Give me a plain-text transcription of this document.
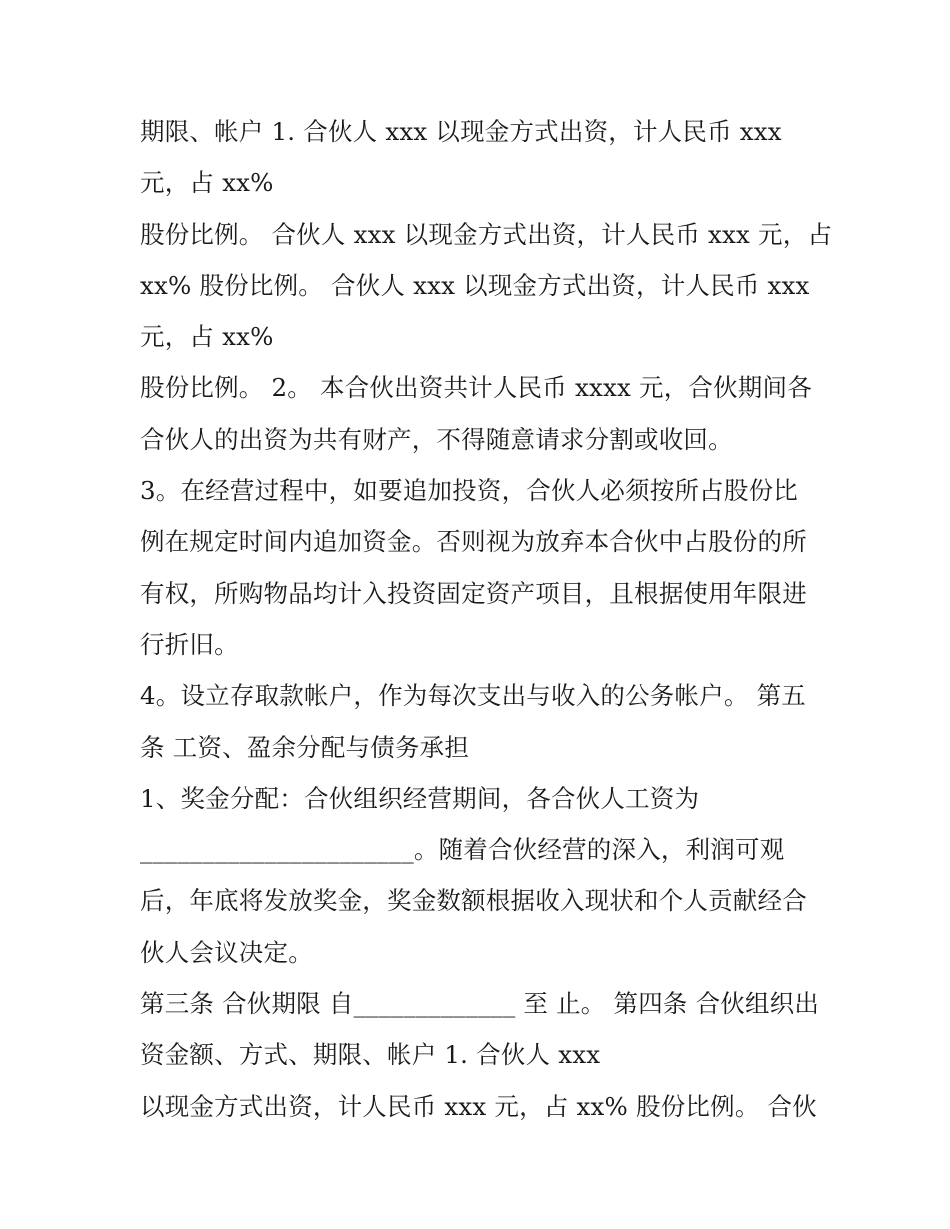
期限、帐户 1. 合伙人 xxx 以现金方式出资，计人民币 xxx
元，占 xx%
股份比例。 合伙人 xxx 以现金方式出资，计人民币 xxx 元，占
xx% 股份比例。 合伙人 xxx 以现金方式出资，计人民币 xxx
元，占 xx%
股份比例。 2。 本合伙出资共计人民币 xxxx 元，合伙期间各
合伙人的出资为共有财产，不得随意请求分割或收回。
3。在经营过程中，如要追加投资，合伙人必须按所占股份比
例在规定时间内追加资金。否则视为放弃本合伙中占股份的所
有权，所购物品均计入投资固定资产项目，且根据使用年限进
行折旧。
4。设立存取款帐户，作为每次支出与收入的公务帐户。 第五
条 工资、盈余分配与债务承担
1、奖金分配：合伙组织经营期间，各合伙人工资为
______________________。随着合伙经营的深入，利润可观
后，年底将发放奖金，奖金数额根据收入现状和个人贡献经合
伙人会议决定。
第三条 合伙期限 自_____________ 至 止。 第四条 合伙组织出
资金额、方式、期限、帐户 1. 合伙人 xxx
以现金方式出资，计人民币 xxx 元，占 xx% 股份比例。 合伙
